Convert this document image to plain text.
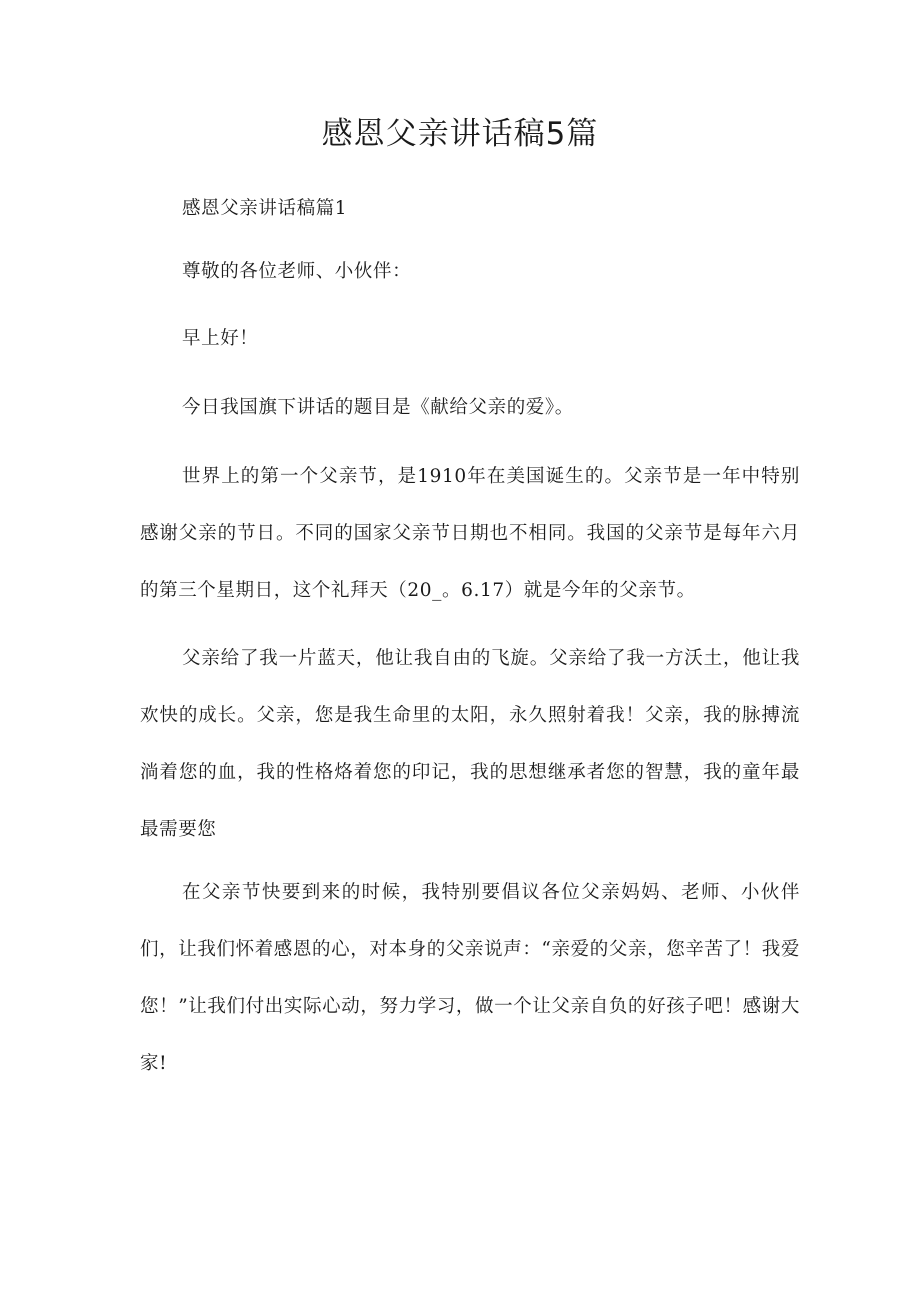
感恩父亲讲话稿5篇

感恩父亲讲话稿篇1

尊敬的各位老师、小伙伴：

早上好！

今日我国旗下讲话的题目是《献给父亲的爱》。

世界上的第一个父亲节，是1910年在美国诞生的。父亲节是一年中特别感谢父亲的节日。不同的国家父亲节日期也不相同。我国的父亲节是每年六月的第三个星期日，这个礼拜天（20_。6.17）就是今年的父亲节。

父亲给了我一片蓝天，他让我自由的飞旋。父亲给了我一方沃土，他让我欢快的成长。父亲，您是我生命里的太阳，永久照射着我！父亲，我的脉搏流淌着您的血，我的性格烙着您的印记，我的思想继承者您的智慧，我的童年最最需要您

在父亲节快要到来的时候，我特别要倡议各位父亲妈妈、老师、小伙伴们，让我们怀着感恩的心，对本身的父亲说声：“亲爱的父亲，您辛苦了！我爱您！”让我们付出实际心动，努力学习，做一个让父亲自负的好孩子吧！感谢大家!
